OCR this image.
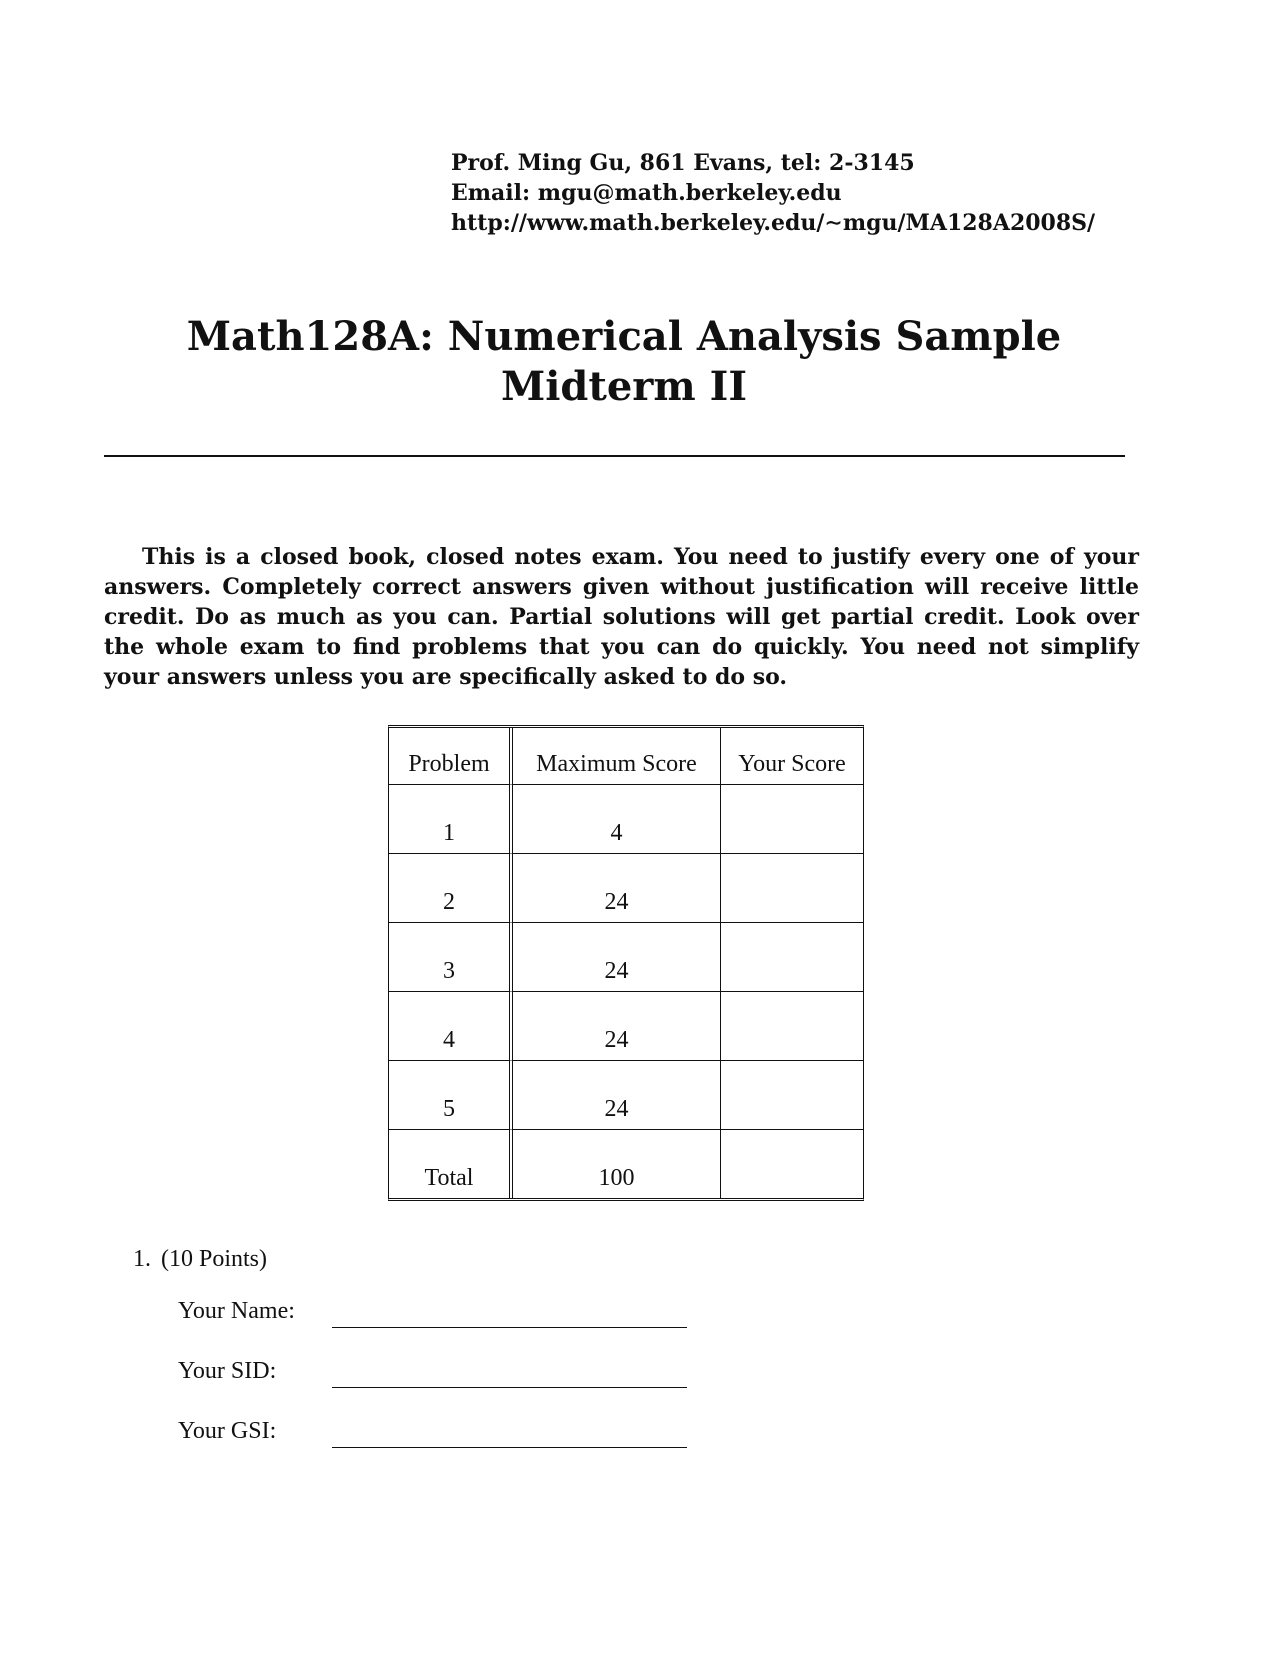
Prof. Ming Gu, 861 Evans, tel: 2-3145
Email: mgu@math.berkeley.edu
http://www.math.berkeley.edu/∼mgu/MA128A2008S/
Math128A: Numerical Analysis Sample
Midterm II

This is a closed book, closed notes exam. You need to justify every one of your answers. Completely correct answers given without justification will receive little credit. Do as much as you can. Partial solutions will get partial credit. Look over the whole exam to find problems that you can do quickly. You need not simplify your answers unless you are specifically asked to do so.

Problem	Maximum Score	Your Score
1	4	
2	24	
3	24	
4	24	
5	24	
Total	100	
1. (10 Points)
Your Name:
Your SID:
Your GSI:
